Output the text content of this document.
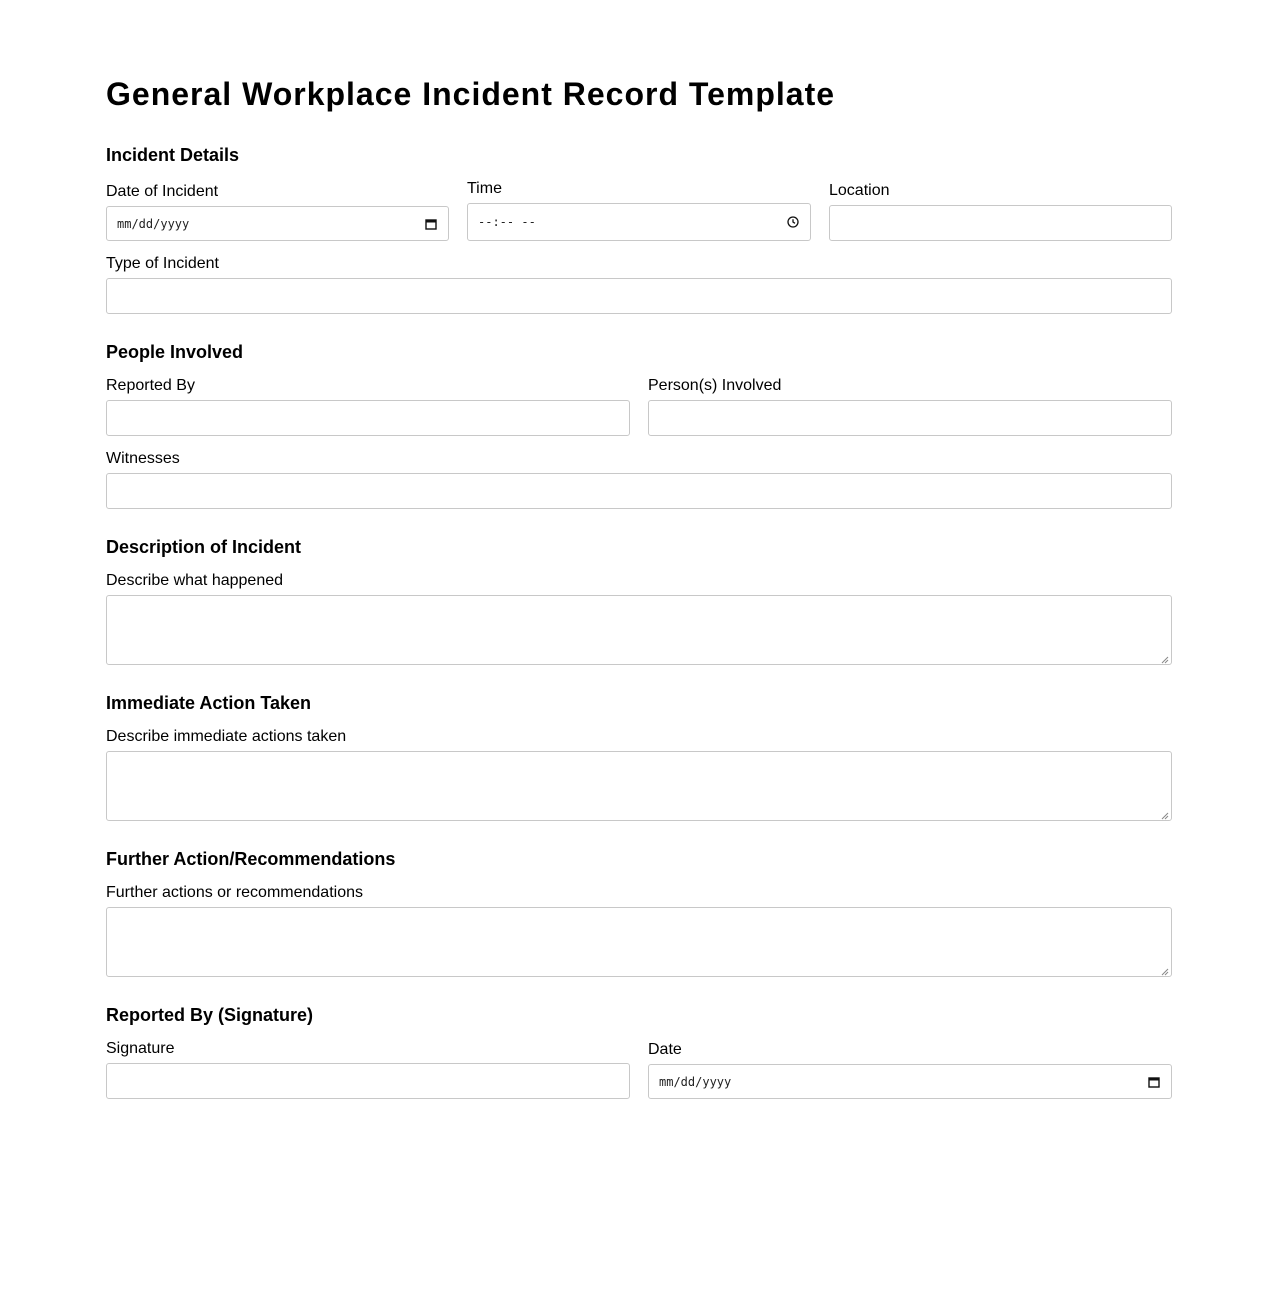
General Workplace Incident Record Template
Incident Details
Date of Incident
mm/dd/yyyy
Time
--:-- --
Location
Type of Incident
People Involved
Reported By	Person(s) Involved
Witnesses
Description of Incident
Describe what happened
Immediate Action Taken
Describe immediate actions taken
Further Action/Recommendations
Further actions or recommendations
Reported By (Signature)
Signature	Date
mm/dd/yyyy
